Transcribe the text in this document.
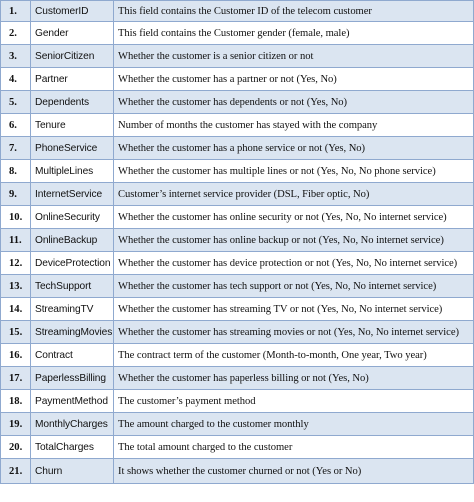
1.	CustomerID	This field contains the Customer ID of the telecom customer
2.	Gender	This field contains the Customer gender (female, male)
3.	SeniorCitizen	Whether the customer is a senior citizen or not
4.	Partner	Whether the customer has a partner or not (Yes, No)
5.	Dependents	Whether the customer has dependents or not (Yes, No)
6.	Tenure	Number of months the customer has stayed with the company
7.	PhoneService	Whether the customer has a phone service or not (Yes, No)
8.	MultipleLines	Whether the customer has multiple lines or not (Yes, No, No phone service)
9.	InternetService	Customer’s internet service provider (DSL, Fiber optic, No)
10.	OnlineSecurity	Whether the customer has online security or not (Yes, No, No internet service)
11.	OnlineBackup	Whether the customer has online backup or not (Yes, No, No internet service)
12.	DeviceProtection	Whether the customer has device protection or not (Yes, No, No internet service)
13.	TechSupport	Whether the customer has tech support or not (Yes, No, No internet service)
14.	StreamingTV	Whether the customer has streaming TV or not (Yes, No, No internet service)
15.	StreamingMovies	Whether the customer has streaming movies or not (Yes, No, No internet service)
16.	Contract	The contract term of the customer (Month-to-month, One year, Two year)
17.	PaperlessBilling	Whether the customer has paperless billing or not (Yes, No)
18.	PaymentMethod	The customer’s payment method
19.	MonthlyCharges	The amount charged to the customer monthly
20.	TotalCharges	The total amount charged to the customer
21.	Churn	It shows whether the customer churned or not (Yes or No)
